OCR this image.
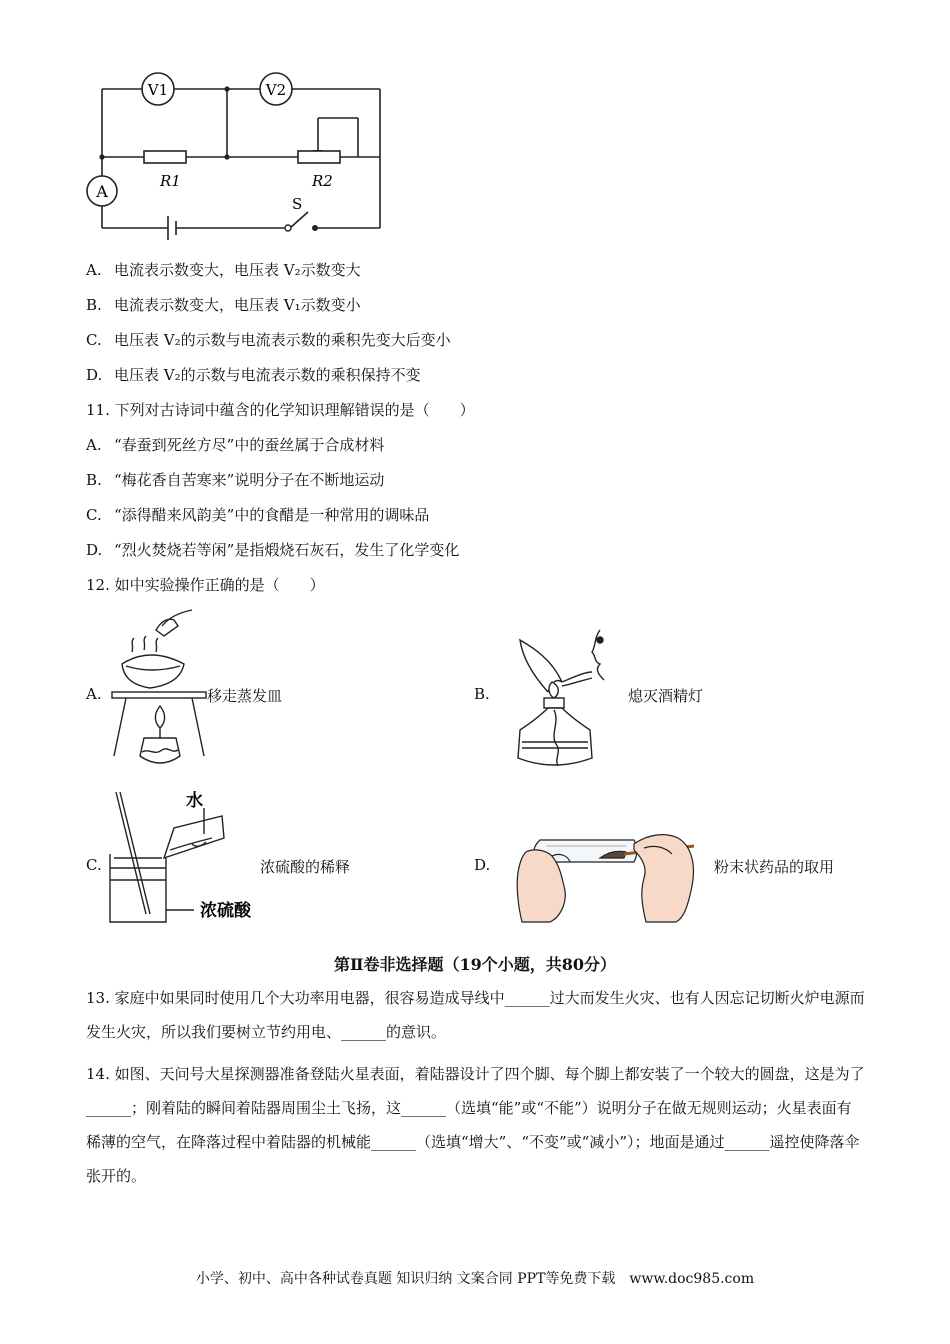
V1	V2
A
R1	R2
S
A. 电流表示数变大，电压表 V₂示数变大
B. 电流表示数变大，电压表 V₁示数变小
C. 电压表 V₂的示数与电流表示数的乘积先变大后变小
D. 电压表 V₂的示数与电流表示数的乘积保持不变
11. 下列对古诗词中蕴含的化学知识理解错误的是（　　）
A. “春蚕到死丝方尽”中的蚕丝属于合成材料
B. “梅花香自苦寒来”说明分子在不断地运动
C. “添得醋来风韵美”中的食醋是一种常用的调味品
D. “烈火焚烧若等闲”是指煅烧石灰石，发生了化学变化
12. 如中实验操作正确的是（　　）
A.	移走蒸发皿	B.	熄灭酒精灯
C.
水
浓硫酸
浓硫酸的稀释	D.	粉末状药品的取用
第Ⅱ卷非选择题（19个小题，共80分）
13. 家庭中如果同时使用几个大功率用电器，很容易造成导线中______过大而发生火灾、也有人因忘记切断火炉电源而发生火灾，所以我们要树立节约用电、______的意识。
14. 如图、天问号大星探测器准备登陆火星表面，着陆器设计了四个脚、每个脚上都安装了一个较大的圆盘，这是为了______；刚着陆的瞬间着陆器周围尘土飞扬，这______（选填“能”或“不能”）说明分子在做无规则运动；火星表面有稀薄的空气，在降落过程中着陆器的机械能______（选填“增大”、“不变”或“减小”）；地面是通过______遥控使降落伞张开的。
小学、初中、高中各种试卷真题 知识归纳 文案合同 PPT等免费下载　www.doc985.com
